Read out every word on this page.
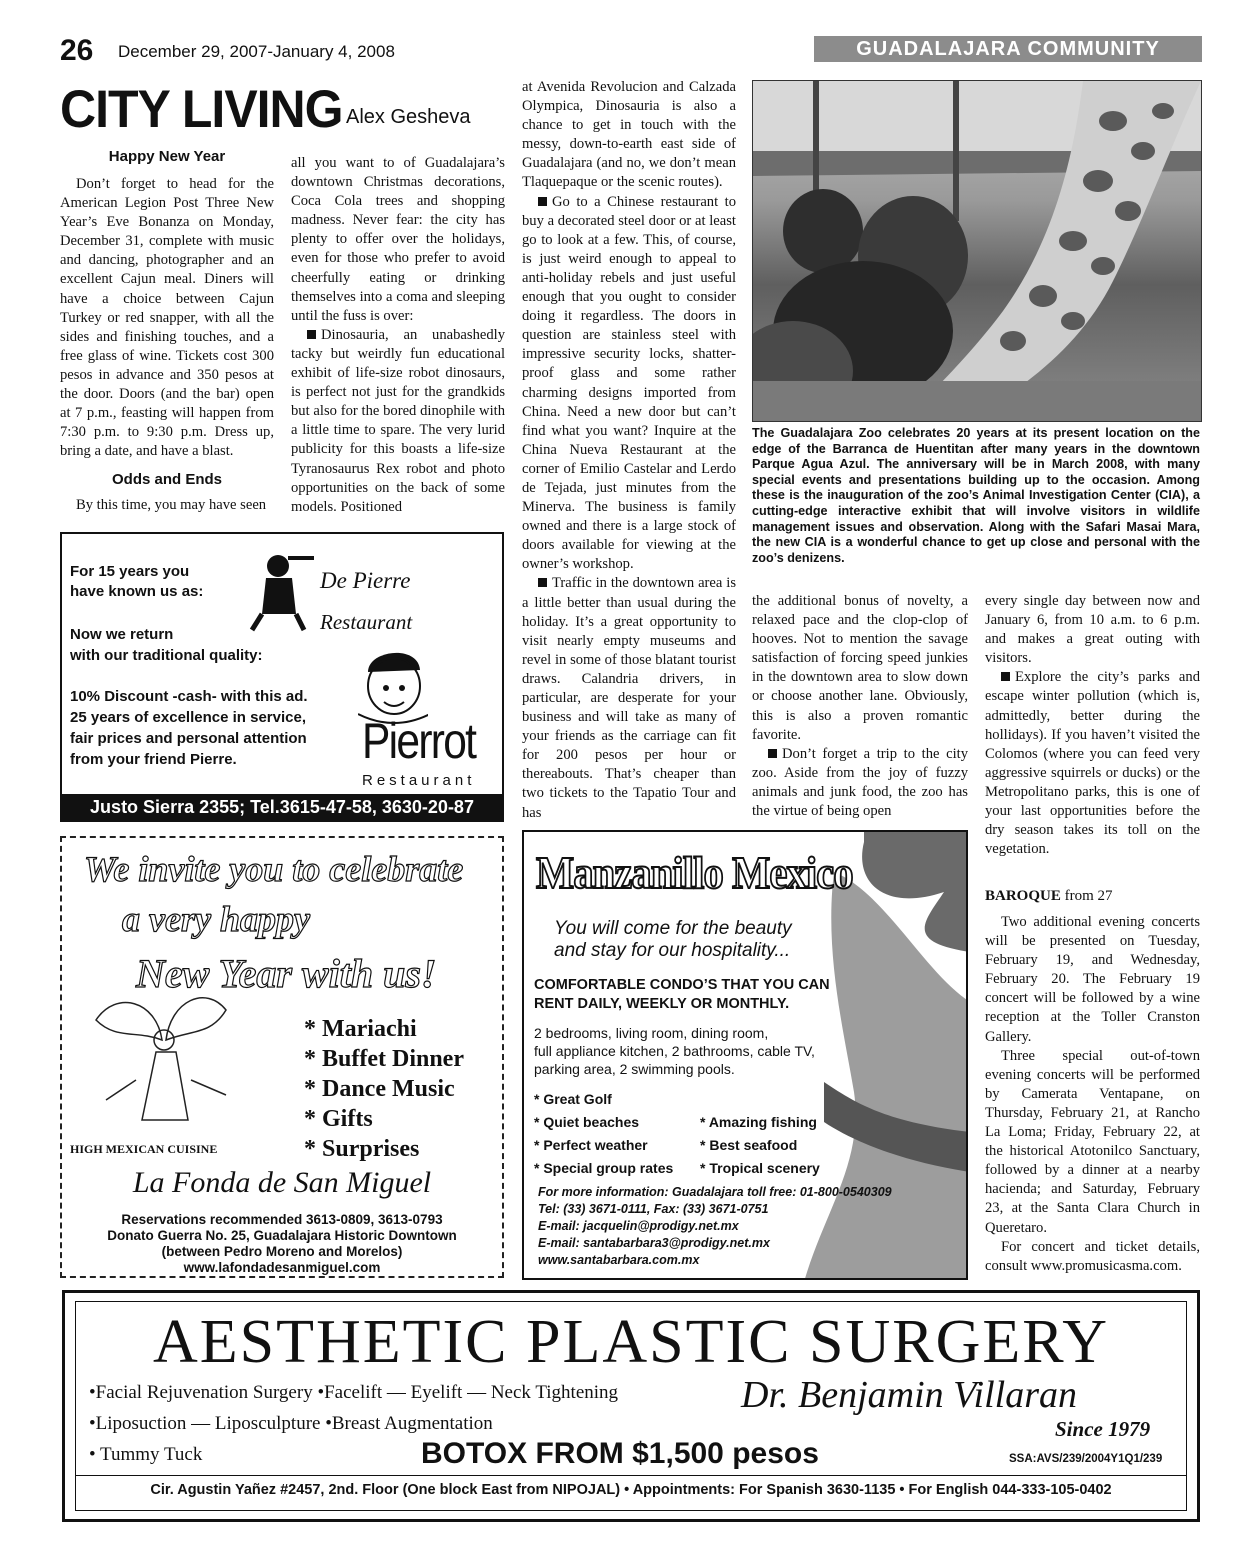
26 December 29, 2007-January 4, 2008	GUADALAJARA COMMUNITY
CITY LIVING Alex Gesheva
Happy New Year

Don’t forget to head for the American Legion Post Three New Year’s Eve Bonanza on Monday, December 31, complete with music and dancing, photographer and an excellent Cajun meal. Diners will have a choice between Cajun Turkey or red snapper, with all the sides and finishing touches, and a free glass of wine. Tickets cost 300 pesos in advance and 350 pesos at the door. Doors (and the bar) open at 7 p.m., feasting will happen from 7:30 p.m. to 9:30 p.m. Dress up, bring a date, and have a blast.

Odds and Ends

By this time, you may have seen

all you want to of Guadalajara’s downtown Christmas decorations, Coca Cola trees and shopping madness. Never fear: the city has plenty to offer over the holidays, even for those who prefer to avoid cheerfully eating or drinking themselves into a coma and sleeping until the fuss is over:

Dinosauria, an unabashedly tacky but weirdly fun educational exhibit of life-size robot dinosaurs, is perfect not just for the grandkids but also for the bored dinophile with a little time to spare. The very lurid publicity for this boasts a life-size Tyranosaurus Rex robot and photo opportunities on the back of some models. Positioned

at Avenida Revolucion and Calzada Olympica, Dinosauria is also a chance to get in touch with the messy, down-to-earth east side of Guadalajara (and no, we don’t mean Tlaquepaque or the scenic routes).

Go to a Chinese restaurant to buy a decorated steel door or at least go to look at a few. This, of course, is just weird enough to appeal to anti-holiday rebels and just useful enough that you ought to consider doing it regardless. The doors in question are stainless steel with impressive security locks, shatter-proof glass and some rather charming designs imported from China. Need a new door but can’t find what you want? Inquire at the China Nueva Restaurant at the corner of Emilio Castelar and Lerdo de Tejada, just minutes from the Minerva. The business is family owned and there is a large stock of doors available for viewing at the owner’s workshop.

Traffic in the downtown area is a little better than usual during the holiday. It’s a great opportunity to visit nearly empty museums and revel in some of those blatant tourist draws. Calandria drivers, in particular, are desperate for your business and will take as many of your friends as the carriage can fit for 200 pesos per hour or thereabouts. That’s cheaper than two tickets to the Tapatio Tour and has

The Guadalajara Zoo celebrates 20 years at its present location on the edge of the Barranca de Huentitan after many years in the downtown Parque Agua Azul. The anniversary will be in March 2008, with many special events and presentations building up to the occasion. Among these is the inauguration of the zoo’s Animal Investigation Center (CIA), a cutting-edge interactive exhibit that will involve visitors in wildlife management issues and observation. Along with the Safari Masai Mara, the new CIA is a wonderful chance to get up close and personal with the zoo’s denizens.

the additional bonus of novelty, a relaxed pace and the clop-clop of hooves. Not to mention the savage satisfaction of forcing speed junkies in the downtown area to slow down or choose another lane. Obviously, this is also a proven romantic favorite.

Don’t forget a trip to the city zoo. Aside from the joy of fuzzy animals and junk food, the zoo has the virtue of being open

every single day between now and January 6, from 10 a.m. to 6 p.m. and makes a great outing with visitors.

Explore the city’s parks and escape winter pollution (which is, admittedly, better during the hollidays). If you haven’t visited the Colomos (where you can feed very aggressive squirrels or ducks) or the Metropolitano parks, this is one of your last opportunities before the dry season takes its toll on the vegetation.

BAROQUE from 27

Two additional evening concerts will be presented on Tuesday, February 19, and Wednesday, February 20. The February 19 concert will be followed by a wine reception at the Toller Cranston Gallery.

Three special out-of-town evening concerts will be performed by Camerata Ventapane, on Thursday, February 21, at Rancho La Loma; Friday, February 22, at the historical Atotonilco Sanctuary, followed by a dinner at a nearby hacienda; and Saturday, February 23, at the Santa Clara Church in Queretaro.

For concert and ticket details, consult www.promusicasma.com.

For 15 years you
have known us as:
Now we return
with our traditional quality:
De Pierre
Restaurant
10% Discount -cash- with this ad.
25 years of excellence in service,
fair prices and personal attention
from your friend Pierre.	Pierrot
Restaurant
Justo Sierra 2355; Tel.3615-47-58, 3630-20-87
We invite you to celebrate
a very happy
New Year with us!
* Mariachi
* Buffet Dinner
* Dance Music
* Gifts
* Surprises
HIGH MEXICAN CUISINE
La Fonda de San Miguel
Reservations recommended 3613-0809, 3613-0793
Donato Guerra No. 25, Guadalajara Historic Downtown
(between Pedro Moreno and Morelos)
www.lafondadesanmiguel.com
Manzanillo Mexico
You will come for the beauty
and stay for our hospitality...
COMFORTABLE CONDO’S THAT YOU CAN
RENT DAILY, WEEKLY OR MONTHLY.
2 bedrooms, living room, dining room,
full appliance kitchen, 2 bathrooms, cable TV,
parking area, 2 swimming pools.
* Great Golf
* Quiet beaches	* Amazing fishing
* Perfect weather	* Best seafood
* Special group rates * Tropical scenery
For more information: Guadalajara toll free: 01-800-0540309
Tel: (33) 3671-0111, Fax: (33) 3671-0751
E-mail: jacquelin@prodigy.net.mx
E-mail: santabarbara3@prodigy.net.mx
www.santabarbara.com.mx
AESTHETIC PLASTIC SURGERY
•Facial Rejuvenation Surgery •Facelift — Eyelift — Neck Tightening
•Liposuction — Liposculpture •Breast Augmentation
• Tummy Tuck
Dr. Benjamin Villaran
Since 1979
BOTOX FROM $1,500 pesos	SSA:AVS/239/2004Y1Q1/239
Cir. Agustin Yañez #2457, 2nd. Floor (One block East from NIPOJAL) • Appointments: For Spanish 3630-1135 • For English 044-333-105-0402
